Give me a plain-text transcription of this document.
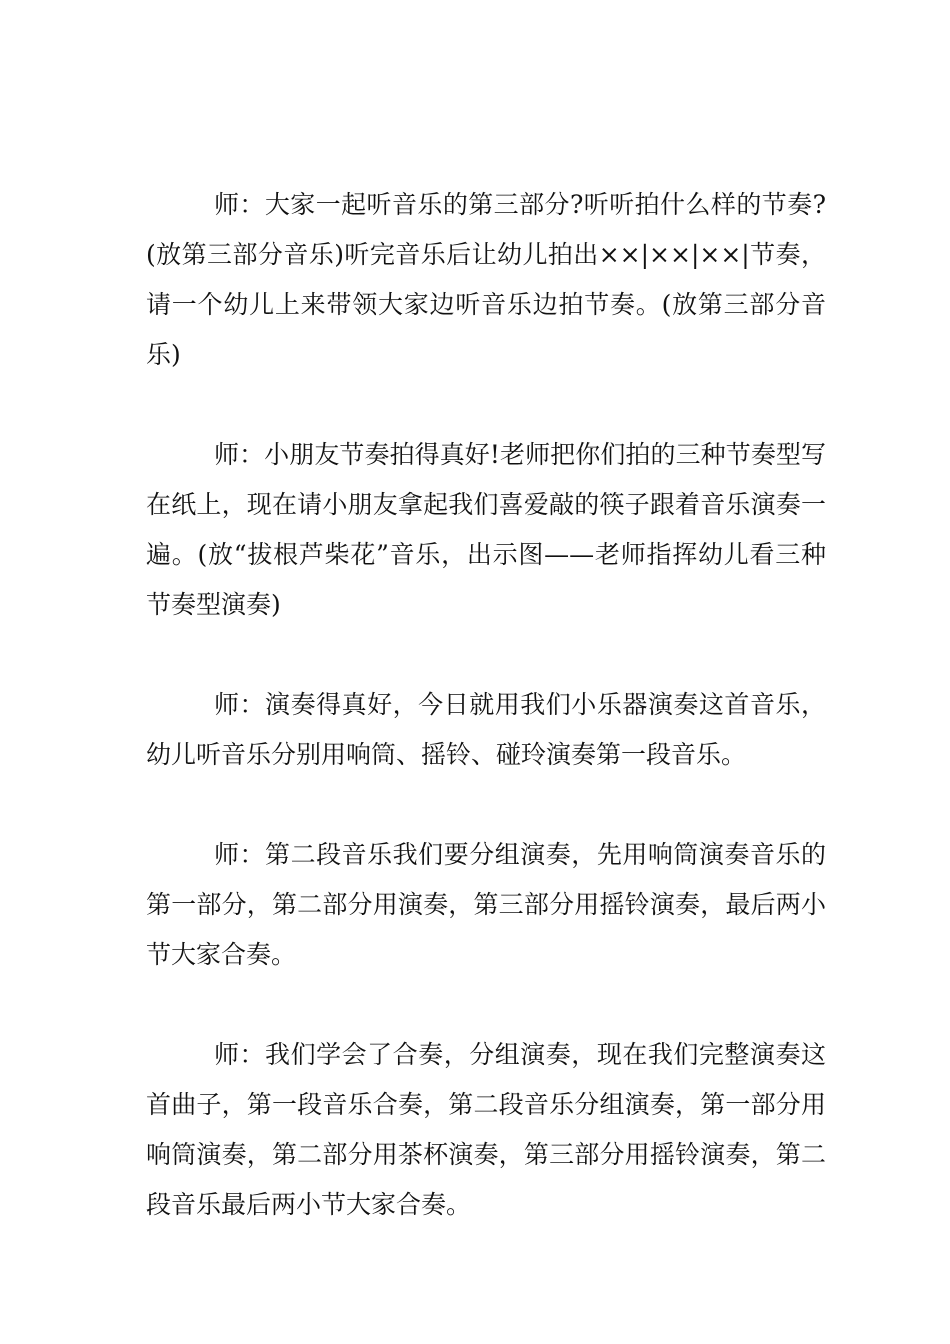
师：大家一起听音乐的第三部分?听听拍什么样的节奏?(放第三部分音乐)听完音乐后让幼儿拍出××|××|××|节奏，请一个幼儿上来带领大家边听音乐边拍节奏。(放第三部分音乐)

师：小朋友节奏拍得真好!老师把你们拍的三种节奏型写在纸上，现在请小朋友拿起我们喜爱敲的筷子跟着音乐演奏一遍。(放“拔根芦柴花”音乐，出示图——老师指挥幼儿看三种节奏型演奏)

师：演奏得真好，今日就用我们小乐器演奏这首音乐，幼儿听音乐分别用响筒、摇铃、碰玲演奏第一段音乐。

师：第二段音乐我们要分组演奏，先用响筒演奏音乐的第一部分，第二部分用演奏，第三部分用摇铃演奏，最后两小节大家合奏。

师：我们学会了合奏，分组演奏，现在我们完整演奏这首曲子，第一段音乐合奏，第二段音乐分组演奏，第一部分用响筒演奏，第二部分用茶杯演奏，第三部分用摇铃演奏，第二段音乐最后两小节大家合奏。
